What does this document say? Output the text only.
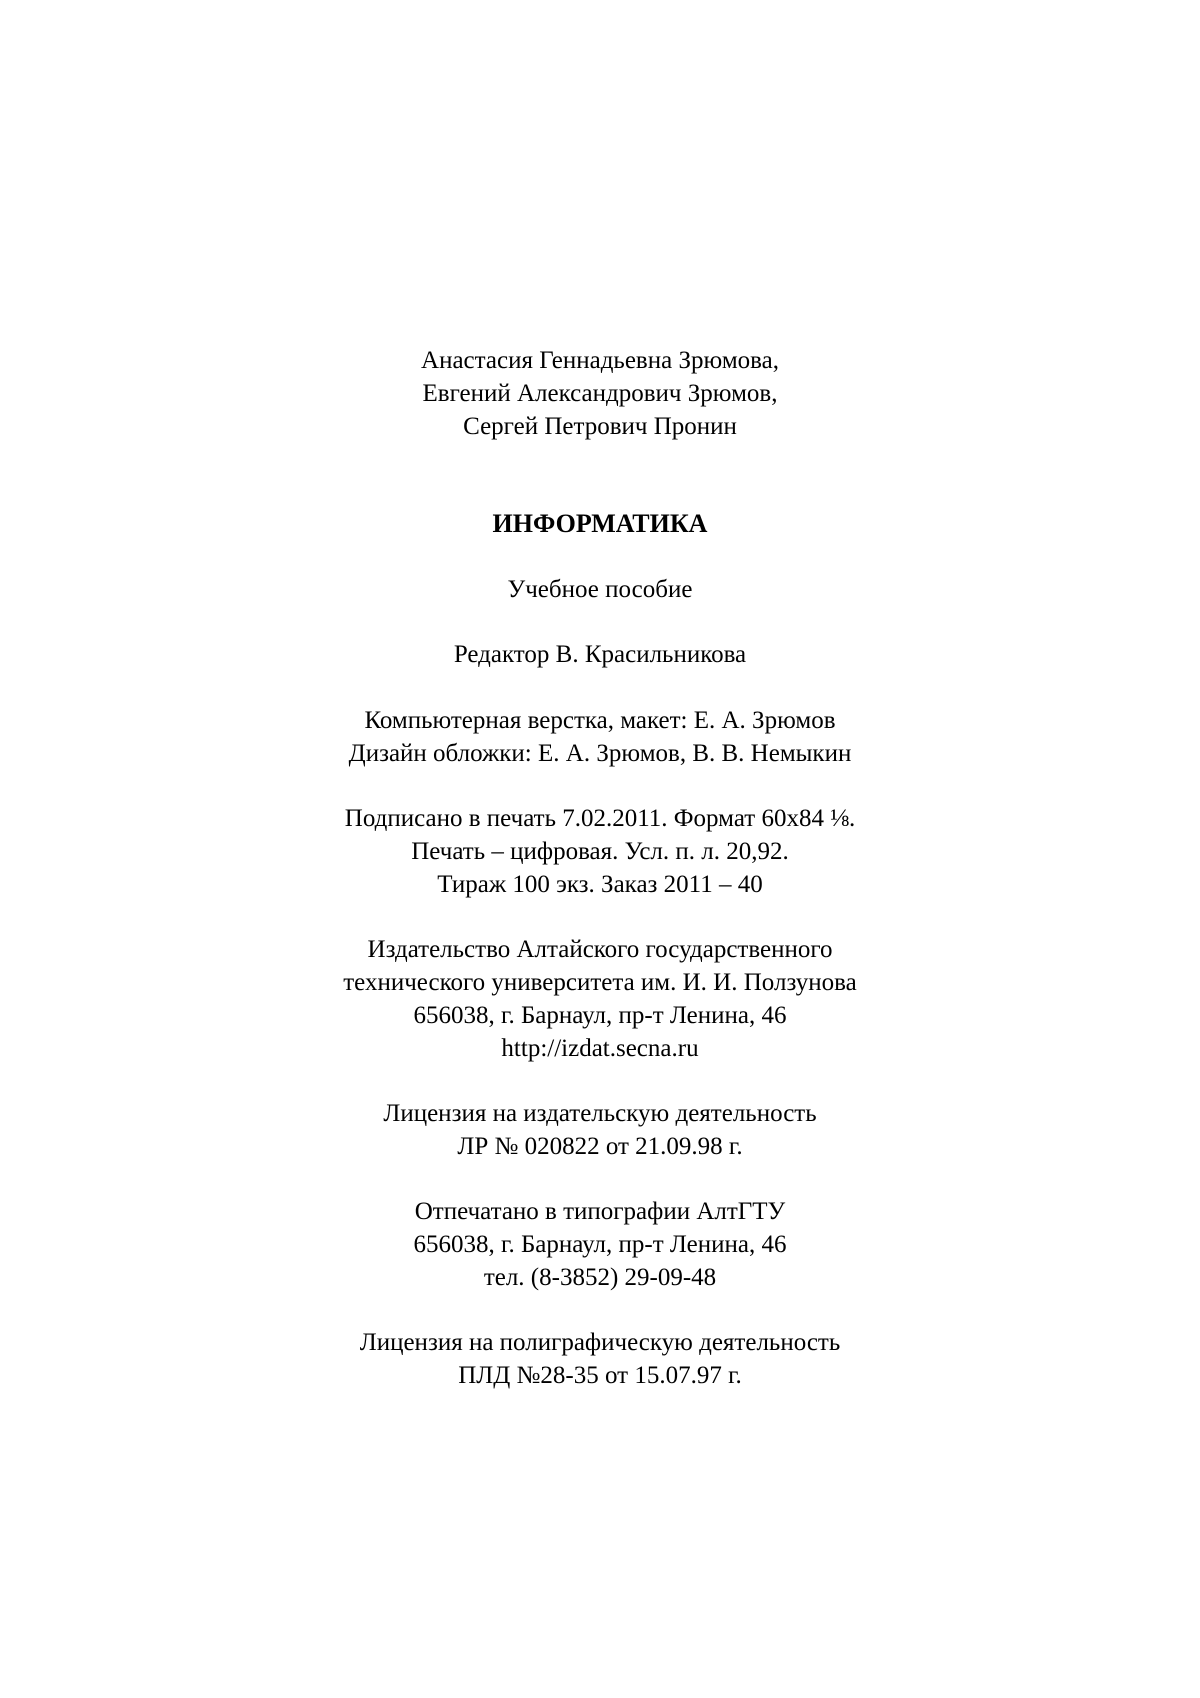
Анастасия Геннадьевна Зрюмова,
Евгений Александрович Зрюмов,
Сергей Петрович Пронин
ИНФОРМАТИКА
Учебное пособие
Редактор В. Красильникова
Компьютерная верстка, макет: Е. А. Зрюмов
Дизайн обложки: Е. А. Зрюмов, В. В. Немыкин
Подписано в печать 7.02.2011. Формат 60х84 ⅛.
Печать – цифровая. Усл. п. л. 20,92.
Тираж 100 экз. Заказ 2011 – 40
Издательство Алтайского государственного
технического университета им. И. И. Ползунова
656038, г. Барнаул, пр-т Ленина, 46
http://izdat.secna.ru
Лицензия на издательскую деятельность
ЛР № 020822 от 21.09.98 г.
Отпечатано в типографии АлтГТУ
656038, г. Барнаул, пр-т Ленина, 46
тел. (8-3852) 29-09-48
Лицензия на полиграфическую деятельность
ПЛД №28-35 от 15.07.97 г.
